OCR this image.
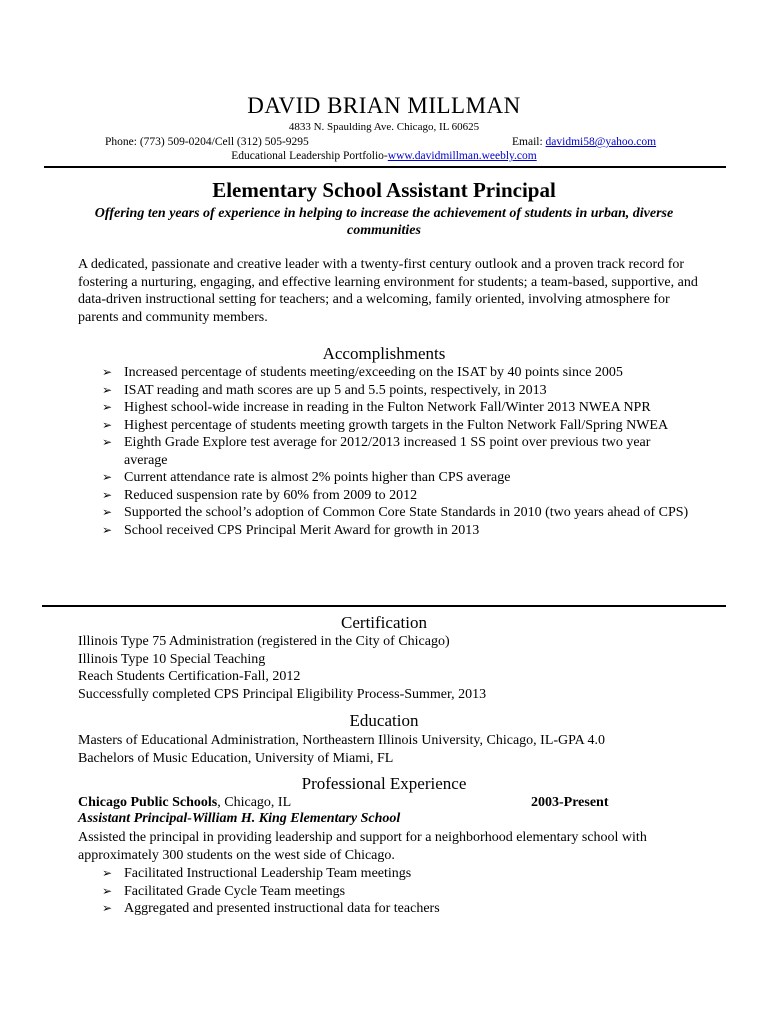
DAVID BRIAN MILLMAN
4833 N. Spaulding Ave. Chicago, IL 60625
Phone: (773) 509-0204/Cell (312) 505-9295	Email: davidmi58@yahoo.com
Educational Leadership Portfolio-www.davidmillman.weebly.com
Elementary School Assistant Principal
Offering ten years of experience in helping to increase the achievement of students in urban, diverse communities
A dedicated, passionate and creative leader with a twenty-first century outlook and a proven track record for fostering a nurturing, engaging, and effective learning environment for students; a team-based, supportive, and data-driven instructional setting for teachers; and a welcoming, family oriented, involving atmosphere for parents and community members.
Accomplishments
➢ Increased percentage of students meeting/exceeding on the ISAT by 40 points since 2005
➢ ISAT reading and math scores are up 5 and 5.5 points, respectively, in 2013
➢ Highest school-wide increase in reading in the Fulton Network Fall/Winter 2013 NWEA NPR
➢ Highest percentage of students meeting growth targets in the Fulton Network Fall/Spring NWEA
➢ Eighth Grade Explore test average for 2012/2013 increased 1 SS point over previous two year average
➢ Current attendance rate is almost 2% points higher than CPS average
➢ Reduced suspension rate by 60% from 2009 to 2012
➢ Supported the school’s adoption of Common Core State Standards in 2010 (two years ahead of CPS)
➢ School received CPS Principal Merit Award for growth in 2013
Certification
Illinois Type 75 Administration (registered in the City of Chicago)
Illinois Type 10 Special Teaching
Reach Students Certification-Fall, 2012
Successfully completed CPS Principal Eligibility Process-Summer, 2013
Education
Masters of Educational Administration, Northeastern Illinois University, Chicago, IL-GPA 4.0
Bachelors of Music Education, University of Miami, FL
Professional Experience
Chicago Public Schools, Chicago, IL	2003-Present
Assistant Principal-William H. King Elementary School
Assisted the principal in providing leadership and support for a neighborhood elementary school with approximately 300 students on the west side of Chicago.
➢ Facilitated Instructional Leadership Team meetings
➢ Facilitated Grade Cycle Team meetings
➢ Aggregated and presented instructional data for teachers
